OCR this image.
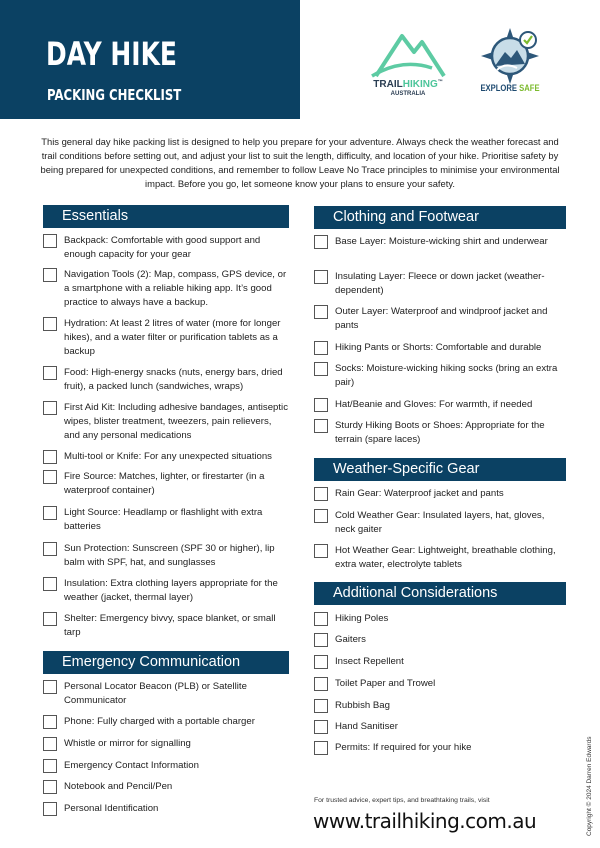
DAY HIKE
PACKING CHECKLIST
TRAILHIKING™
AUSTRALIA
EXPLORE SAFE
This general day hike packing list is designed to help you prepare for your adventure. Always check the weather forecast and trail conditions before setting out, and adjust your list to suit the length, difficulty, and location of your hike. Prioritise safety by being prepared for unexpected conditions, and remember to follow Leave No Trace principles to minimise your environmental impact. Before you go, let someone know your plans to ensure your safety.
Essentials
Backpack: Comfortable with good support and enough capacity for your gear
Navigation Tools (2): Map, compass, GPS device, or a smartphone with a reliable hiking app. It’s good practice to always have a backup.
Hydration: At least 2 litres of water (more for longer hikes), and a water filter or purification tablets as a backup
Food: High-energy snacks (nuts, energy bars, dried fruit), a packed lunch (sandwiches, wraps)
First Aid Kit: Including adhesive bandages, antiseptic wipes, blister treatment, tweezers, pain relievers, and any personal medications
Multi-tool or Knife: For any unexpected situations
Fire Source: Matches, lighter, or firestarter (in a waterproof container)
Light Source: Headlamp or flashlight with extra batteries
Sun Protection: Sunscreen (SPF 30 or higher), lip balm with SPF, hat, and sunglasses
Insulation: Extra clothing layers appropriate for the weather (jacket, thermal layer)
Shelter: Emergency bivvy, space blanket, or small tarp
Emergency Communication
Personal Locator Beacon (PLB) or Satellite Communicator
Phone: Fully charged with a portable charger
Whistle or mirror for signalling
Emergency Contact Information
Notebook and Pencil/Pen
Personal Identification
Clothing and Footwear
Base Layer: Moisture-wicking shirt and underwear
Insulating Layer: Fleece or down jacket (weather-dependent)
Outer Layer: Waterproof and windproof jacket and pants
Hiking Pants or Shorts: Comfortable and durable
Socks: Moisture-wicking hiking socks (bring an extra pair)
Hat/Beanie and Gloves: For warmth, if needed
Sturdy Hiking Boots or Shoes: Appropriate for the terrain (spare laces)
Weather-Specific Gear
Rain Gear: Waterproof jacket and pants
Cold Weather Gear: Insulated layers, hat, gloves, neck gaiter
Hot Weather Gear: Lightweight, breathable clothing, extra water, electrolyte tablets
Additional Considerations
Hiking Poles
Gaiters
Insect Repellent
Toilet Paper and Trowel
Rubbish Bag
Hand Sanitiser
Permits: If required for your hike
For trusted advice, expert tips, and breathtaking trails, visit
www.trailhiking.com.au	Copyright © 2024 Darren Edwards
